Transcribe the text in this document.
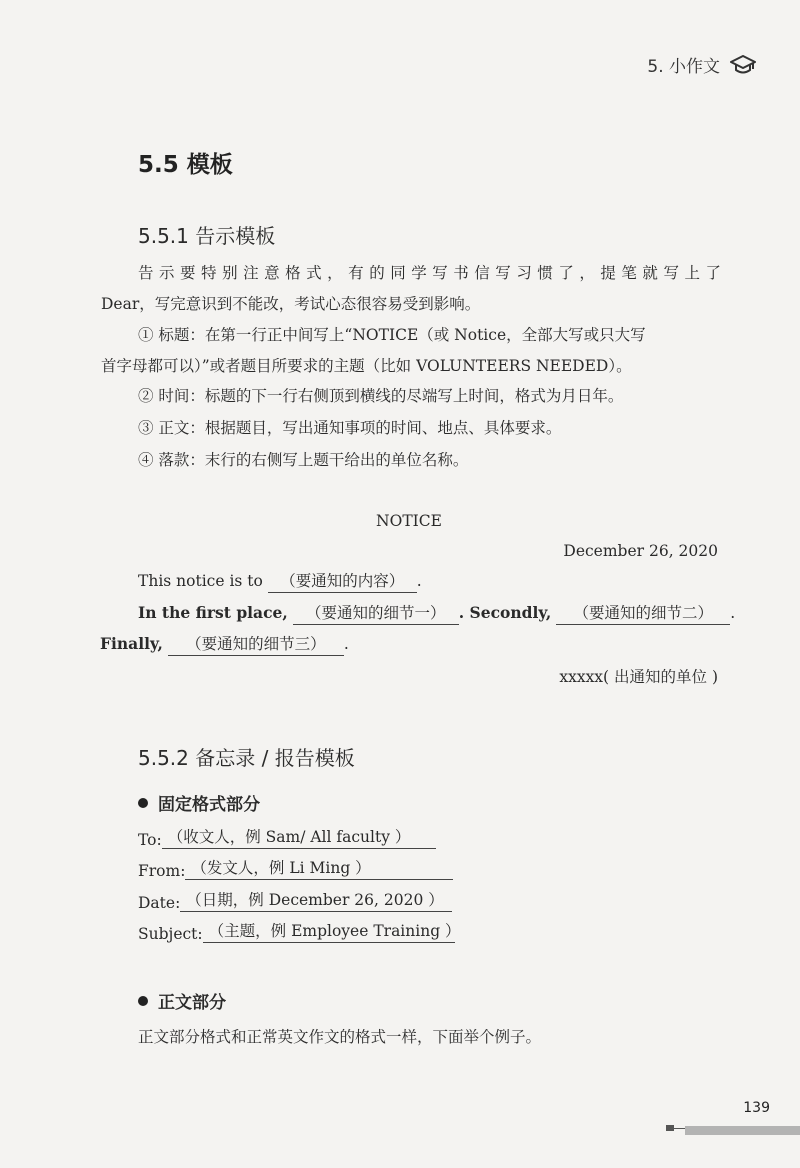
5. 小作文
5.5 模板
5.5.1 告示模板
告示要特别注意格式，有的同学写书信写习惯了，提笔就写上了
Dear，写完意识到不能改，考试心态很容易受到影响。
① 标题：在第一行正中间写上“NOTICE（或 Notice，全部大写或只大写
首字母都可以）”或者题目所要求的主题（比如 VOLUNTEERS NEEDED）。
② 时间：标题的下一行右侧顶到横线的尽端写上时间，格式为月日年。
③ 正文：根据题目，写出通知事项的时间、地点、具体要求。
④ 落款：末行的右侧写上题干给出的单位名称。
NOTICE
December 26, 2020
This notice is to （要通知的内容） .
In the first place, （要通知的细节一） . Secondly, （要通知的细节二） .
Finally, （要通知的细节三） .
xxxxx( 出通知的单位 )
5.5.2 备忘录 / 报告模板
固定格式部分
To: （收文人，例 Sam/ All faculty ）
From: （发文人，例 Li Ming ）
Date: （日期，例 December 26, 2020 ）
Subject: （主题，例 Employee Training ）
正文部分
正文部分格式和正常英文作文的格式一样，下面举个例子。
139
